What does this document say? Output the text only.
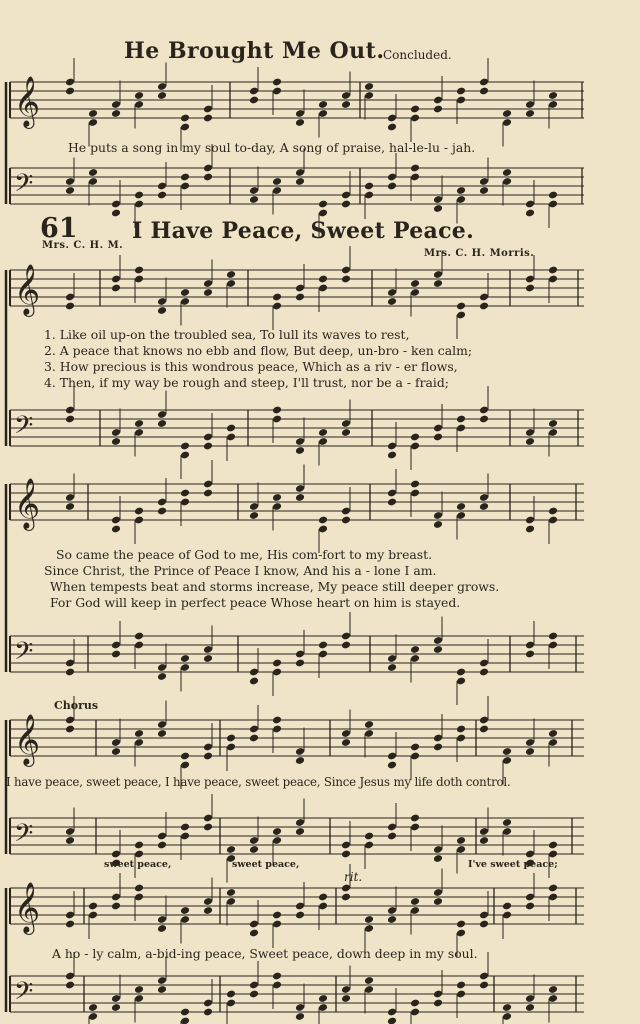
𝄞
𝄢
𝄞
𝄢
𝄞
𝄢
𝄞
𝄢
𝄞
𝄢
He Brought Me Out.
Concluded.
He puts a song in my soul to-day, A song of praise, hal-le-lu - jah.
61 I Have Peace, Sweet Peace.
Mrs. C. H. M.
Mrs. C. H. Morris.
1. Like oil up-on the troubled sea, To lull its waves to rest,
2. A peace that knows no ebb and flow, But deep, un-bro - ken calm;
3. How precious is this wondrous peace, Which as a riv - er flows,
4. Then, if my way be rough and steep, I'll trust, nor be a - fraid;
So came the peace of God to me, His com-fort to my breast.
Since Christ, the Prince of Peace I know, And his a - lone I am.
When tempests beat and storms increase, My peace still deeper grows.
For God will keep in perfect peace Whose heart on him is stayed.
Chorus
I have peace, sweet peace, I have peace, sweet peace, Since Jesus my life doth control.
sweet peace,	sweet peace,	I've sweet peace;
rit.
A ho - ly calm, a-bid-ing peace, Sweet peace, down deep in my soul.
